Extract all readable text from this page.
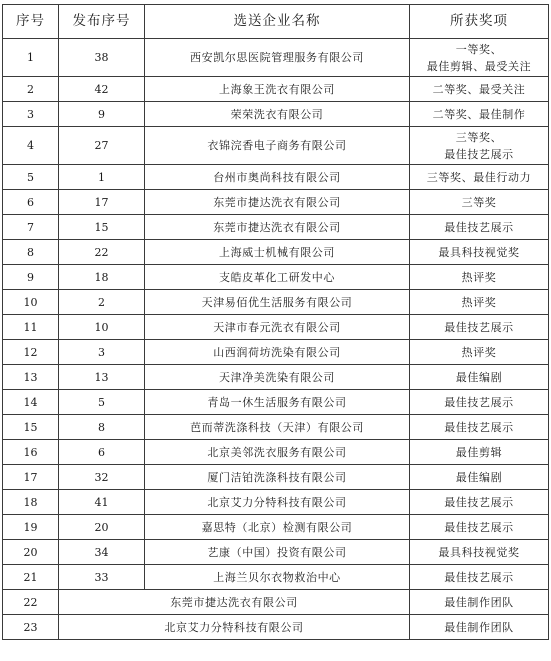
序号	发布序号	选送企业名称	所获奖项
1	38	西安凯尔思医院管理服务有限公司	一等奖、
最佳剪辑、最受关注

2	42	上海象王洗衣有限公司	二等奖、最受关注

3	9	荣荣洗衣有限公司	二等奖、最佳制作

4	27	衣锦浣香电子商务有限公司	三等奖、
最佳技艺展示

5	1	台州市奥尚科技有限公司	三等奖、最佳行动力

6	17	东莞市捷达洗衣有限公司	三等奖

7	15	东莞市捷达洗衣有限公司	最佳技艺展示

8	22	上海威士机械有限公司	最具科技视觉奖

9	18	支皓皮革化工研发中心	热评奖

10	2	天津易佰优生活服务有限公司	热评奖

11	10	天津市春元洗衣有限公司	最佳技艺展示

12	3	山西润荷坊洗染有限公司	热评奖

13	13	天津净美洗染有限公司	最佳编剧

14	5	青岛一休生活服务有限公司	最佳技艺展示

15	8	芭而蒂洗涤科技（天津）有限公司	最佳技艺展示

16	6	北京美邻洗衣服务有限公司	最佳剪辑

17	32	厦门洁铂洗涤科技有限公司	最佳编剧

18	41	北京艾力分特科技有限公司	最佳技艺展示

19	20	嘉思特（北京）检测有限公司	最佳技艺展示

20	34	艺康（中国）投资有限公司	最具科技视觉奖

21	33	上海兰贝尔衣物救治中心	最佳技艺展示

22	东莞市捷达洗衣有限公司		最佳制作团队
23	北京艾力分特科技有限公司		最佳制作团队
